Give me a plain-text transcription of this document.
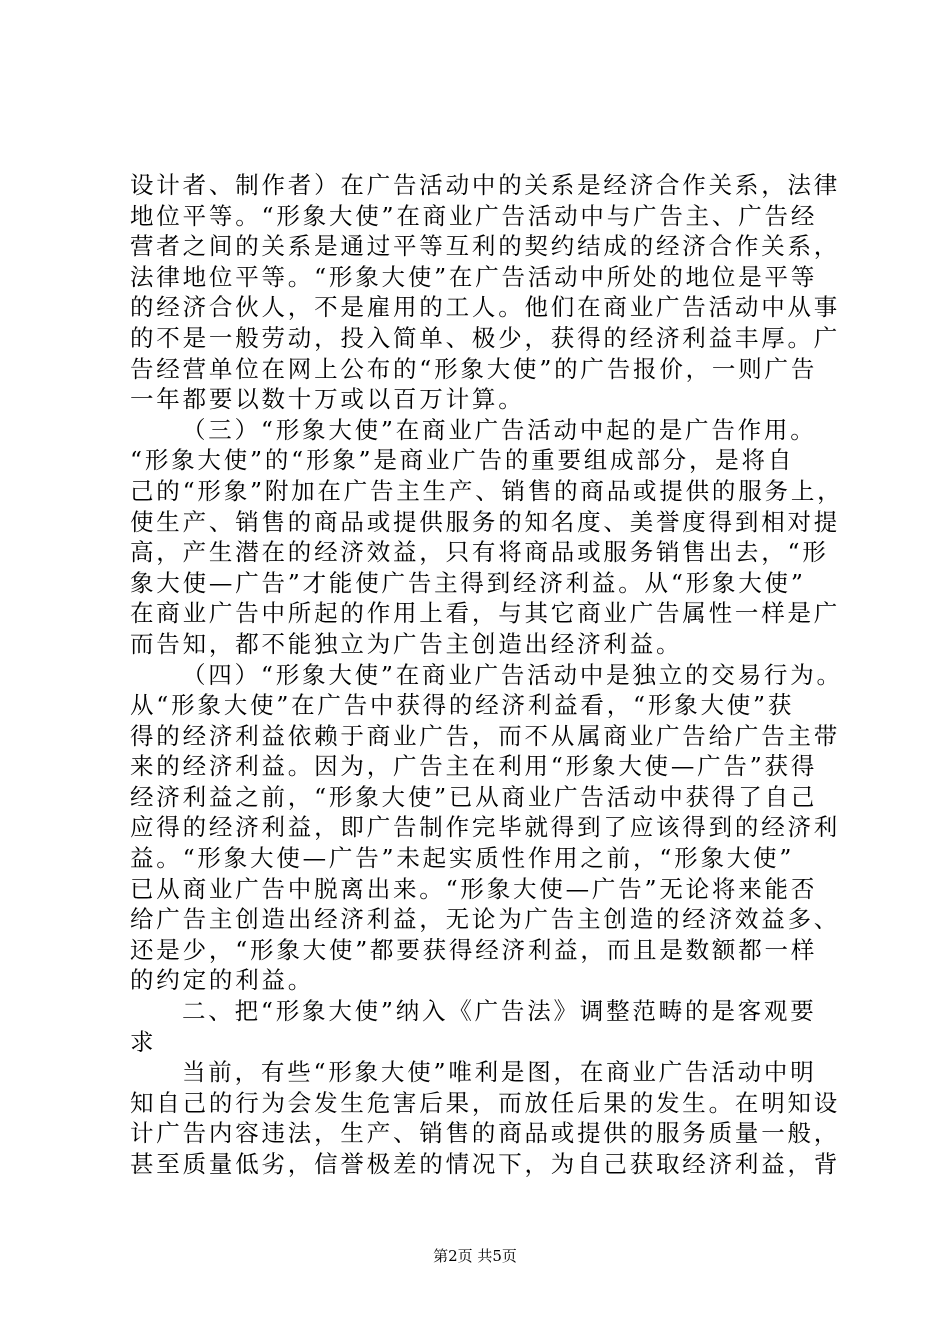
设计者、制作者）在广告活动中的关系是经济合作关系，法律
地位平等。“形象大使”在商业广告活动中与广告主、广告经
营者之间的关系是通过平等互利的契约结成的经济合作关系，
法律地位平等。“形象大使”在广告活动中所处的地位是平等
的经济合伙人，不是雇用的工人。他们在商业广告活动中从事
的不是一般劳动，投入简单、极少，获得的经济利益丰厚。广
告经营单位在网上公布的“形象大使”的广告报价，一则广告
一年都要以数十万或以百万计算。
（三）“形象大使”在商业广告活动中起的是广告作用。
“形象大使”的“形象”是商业广告的重要组成部分，是将自
己的“形象”附加在广告主生产、销售的商品或提供的服务上，
使生产、销售的商品或提供服务的知名度、美誉度得到相对提
高，产生潜在的经济效益，只有将商品或服务销售出去，“形
象大使—广告”才能使广告主得到经济利益。从“形象大使”
在商业广告中所起的作用上看，与其它商业广告属性一样是广
而告知，都不能独立为广告主创造出经济利益。
（四）“形象大使”在商业广告活动中是独立的交易行为。
从“形象大使”在广告中获得的经济利益看，“形象大使”获
得的经济利益依赖于商业广告，而不从属商业广告给广告主带
来的经济利益。因为，广告主在利用“形象大使—广告”获得
经济利益之前，“形象大使”已从商业广告活动中获得了自己
应得的经济利益，即广告制作完毕就得到了应该得到的经济利
益。“形象大使—广告”未起实质性作用之前，“形象大使”
已从商业广告中脱离出来。“形象大使—广告”无论将来能否
给广告主创造出经济利益，无论为广告主创造的经济效益多、
还是少，“形象大使”都要获得经济利益，而且是数额都一样
的约定的利益。
二、把“形象大使”纳入《广告法》调整范畴的是客观要
求
当前，有些“形象大使”唯利是图，在商业广告活动中明
知自己的行为会发生危害后果，而放任后果的发生。在明知设
计广告内容违法，生产、销售的商品或提供的服务质量一般，
甚至质量低劣，信誉极差的情况下，为自己获取经济利益，背
第2页 共5页
